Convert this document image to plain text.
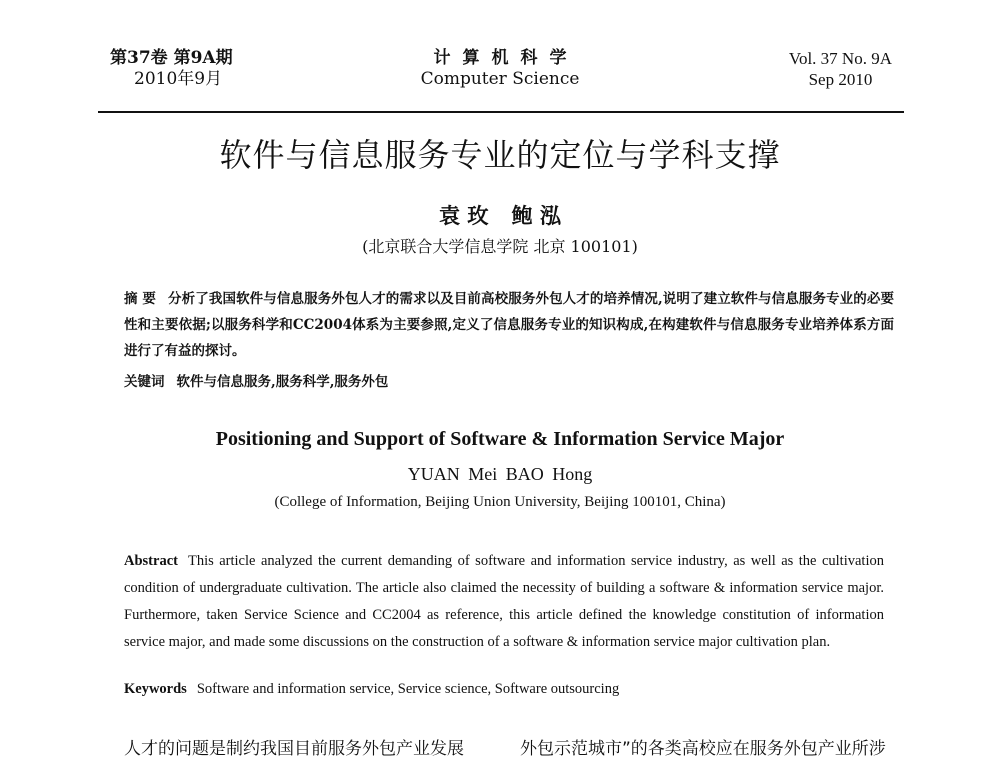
第37卷 第9A期
2010年9月
计算机科学
Computer Science
Vol. 37 No. 9A
Sep 2010
软件与信息服务专业的定位与学科支撑
袁 玫 鲍 泓
(北京联合大学信息学院 北京 100101)
摘 要 分析了我国软件与信息服务外包人才的需求以及目前高校服务外包人才的培养情况,说明了建立软件与信息服务专业的必要性和主要依据;以服务科学和CC2004体系为主要参照,定义了信息服务专业的知识构成,在构建软件与信息服务专业培养体系方面进行了有益的探讨。
关键词 软件与信息服务,服务科学,服务外包
Positioning and Support of Software & Information Service Major
YUAN Mei BAO Hong
(College of Information, Beijing Union University, Beijing 100101, China)
Abstract This article analyzed the current demanding of software and information service industry, as well as the cultivation condition of undergraduate cultivation. The article also claimed the necessity of building a software & information service major. Furthermore, taken Service Science and CC2004 as reference, this article defined the knowledge constitution of information service major, and made some discussions on the construction of a software & information service major cultivation plan.
Keywords Software and information service, Service science, Software outsourcing
人才的问题是制约我国目前服务外包产业发展	外包示范城市”的各类高校应在服务外包产业所涉
